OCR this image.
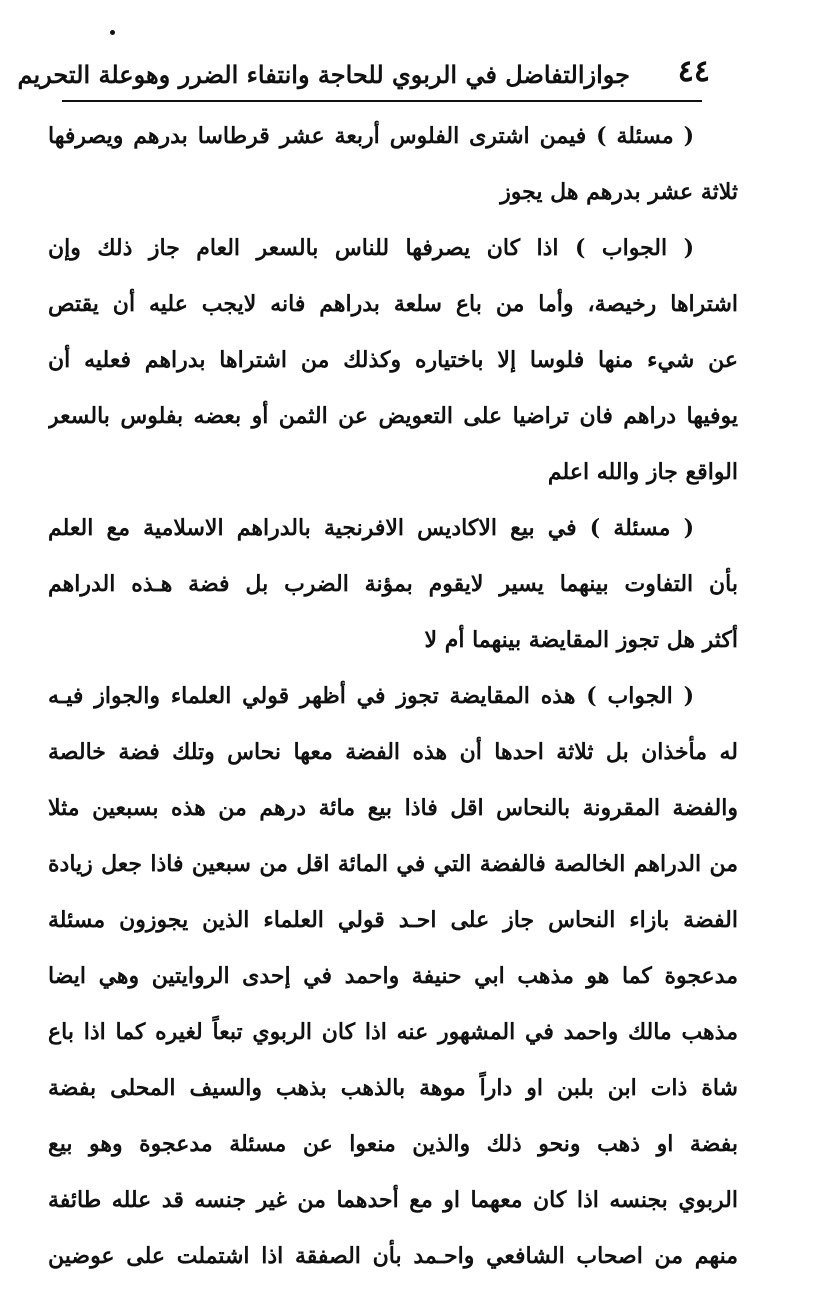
٤٤
جوازالتفاضل في الربوي للحاجة وانتفاء الضرر وهوعلة التحريم
( مسئلة ) فيمن اشترى الفلوس أربعة عشر قرطاسا بدرهم ويصرفها
ثلاثة عشر بدرهم هل يجوز
( الجواب ) اذا كان يصرفها للناس بالسعر العام جاز ذلك وإن
اشتراها رخيصة، وأما من باع سلعة بدراهم فانه لايجب عليه أن يقتص
عن شيء منها فلوسا إلا باختياره وكذلك من اشتراها بدراهم فعليه أن
يوفيها دراهم فان تراضيا على التعويض عن الثمن أو بعضه بفلوس بالسعر
الواقع جاز والله اعلم
( مسئلة ) في بيع الاكاديس الافرنجية بالدراهم الاسلامية مع العلم
بأن التفاوت بينهما يسير لايقوم بمؤنة الضرب بل فضة هـذه الدراهم
أكثر هل تجوز المقايضة بينهما أم لا
( الجواب ) هذه المقايضة تجوز في أظهر قولي العلماء والجواز فيـه
له مأخذان بل ثلاثة احدها أن هذه الفضة معها نحاس وتلك فضة خالصة
والفضة المقرونة بالنحاس اقل فاذا بيع مائة درهم من هذه بسبعين مثلا
من الدراهم الخالصة فالفضة التي في المائة اقل من سبعين فاذا جعل زيادة
الفضة بازاء النحاس جاز على احـد قولي العلماء الذين يجوزون مسئلة
مدعجوة كما هو مذهب ابي حنيفة واحمد في إحدى الروايتين وهي ايضا
مذهب مالك واحمد في المشهور عنه اذا كان الربوي تبعاً لغيره كما اذا باع
شاة ذات ابن بلبن او داراً موهة بالذهب بذهب والسيف المحلى بفضة
بفضة او ذهب ونحو ذلك والذين منعوا عن مسئلة مدعجوة وهو بيع
الربوي بجنسه اذا كان معهما او مع أحدهما من غير جنسه قد علله طائفة
منهم من اصحاب الشافعي واحـمد بأن الصفقة اذا اشتملت على عوضين
